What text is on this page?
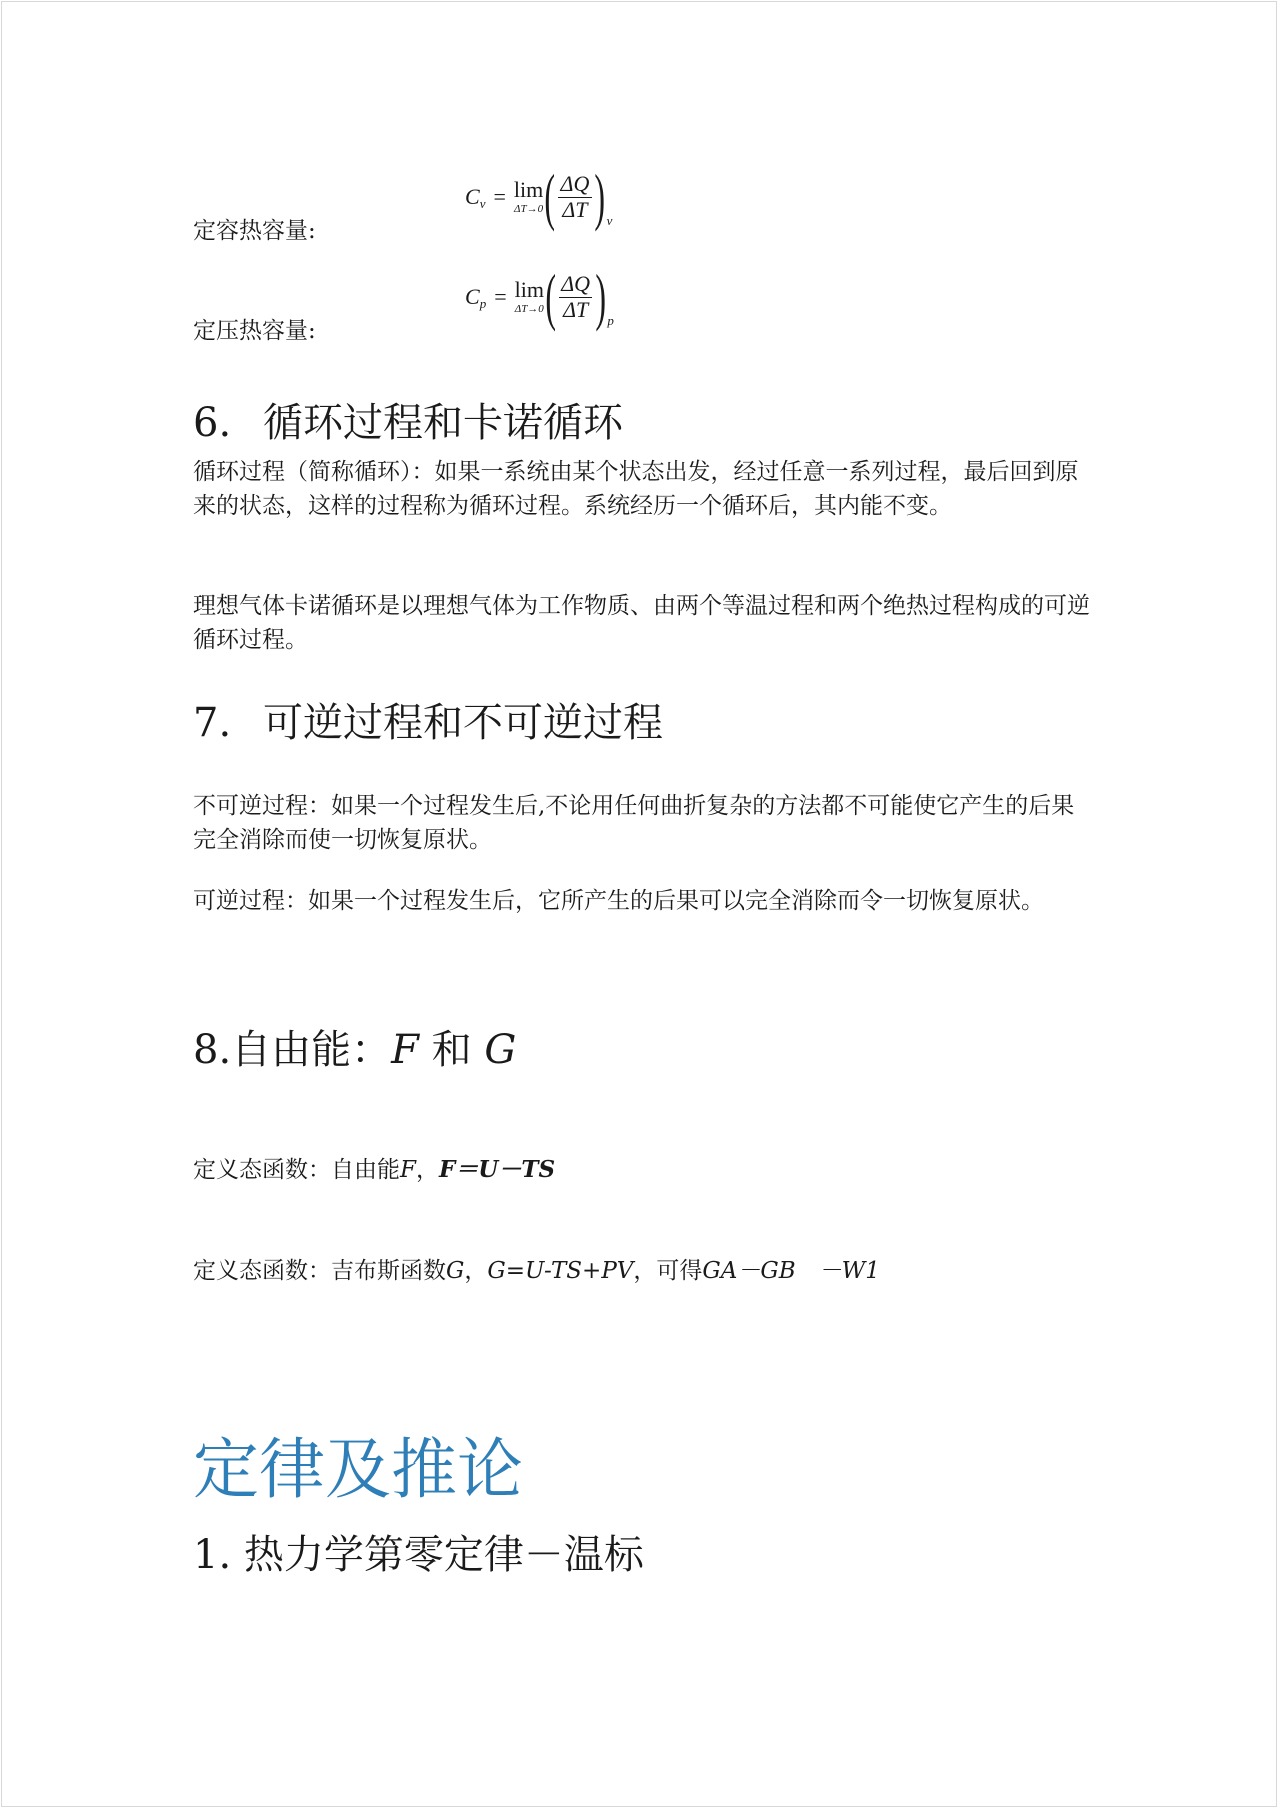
C v = lim
ΔT→0 ( $\frac{\Delta Q}{\Delta T}$ ) v
定容热容量:
C p = lim
ΔT→0 ( $\frac{\Delta Q}{\Delta T}$ ) p
定压热容量:
6. 循环过程和卡诺循环
循环过程（简称循环）：如果一系统由某个状态出发，经过任意一系列过程，最后回到原来的状态，这样的过程称为循环过程。系统经历一个循环后，其内能不变。
理想气体卡诺循环是以理想气体为工作物质、由两个等温过程和两个绝热过程构成的可逆循环过程。
7. 可逆过程和不可逆过程
不可逆过程：如果一个过程发生后,不论用任何曲折复杂的方法都不可能使它产生的后果完全消除而使一切恢复原状。
可逆过程：如果一个过程发生后，它所产生的后果可以完全消除而令一切恢复原状。
8.自由能：F 和 G
定义态函数：自由能F，F＝U－TS
定义态函数：吉布斯函数G，G=U-TS+PV，可得GA－GB　－W1
定律及推论
1. 热力学第零定律－温标
